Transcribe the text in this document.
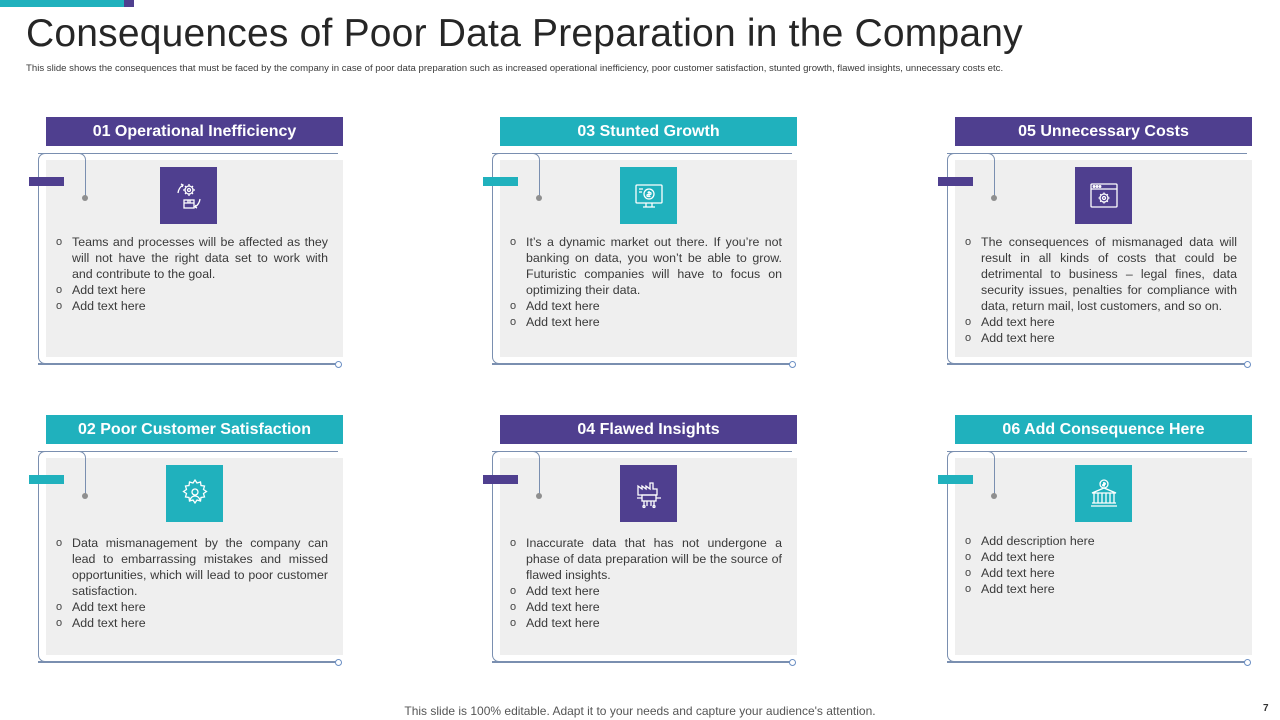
Consequences of Poor Data Preparation in the Company
This slide shows the consequences that must be faced by the company in case of poor data preparation such as increased operational inefficiency, poor customer satisfaction, stunted growth, flawed insights, unnecessary costs etc.
01 Operational Inefficiency
o Teams and processes will be affected as they will not have the right data set to work with and contribute to the goal.
o Add text here
o Add text here
02 Poor Customer Satisfaction
o Data mismanagement by the company can lead to embarrassing mistakes and missed opportunities, which will lead to poor customer satisfaction.
o Add text here
o Add text here
03 Stunted Growth
o It’s a dynamic market out there. If you’re not banking on data, you won’t be able to grow. Futuristic companies will have to focus on optimizing their data.
o Add text here
o Add text here
04 Flawed Insights
o Inaccurate data that has not undergone a phase of data preparation will be the source of flawed insights.
o Add text here
o Add text here
o Add text here
05 Unnecessary Costs
o The consequences of mismanaged data will result in all kinds of costs that could be detrimental to business – legal fines, data security issues, penalties for compliance with data, return mail, lost customers, and so on.
o Add text here
o Add text here
06 Add Consequence Here
o Add description here
o Add text here
o Add text here
o Add text here
This slide is 100% editable. Adapt it to your needs and capture your audience's attention.	7
